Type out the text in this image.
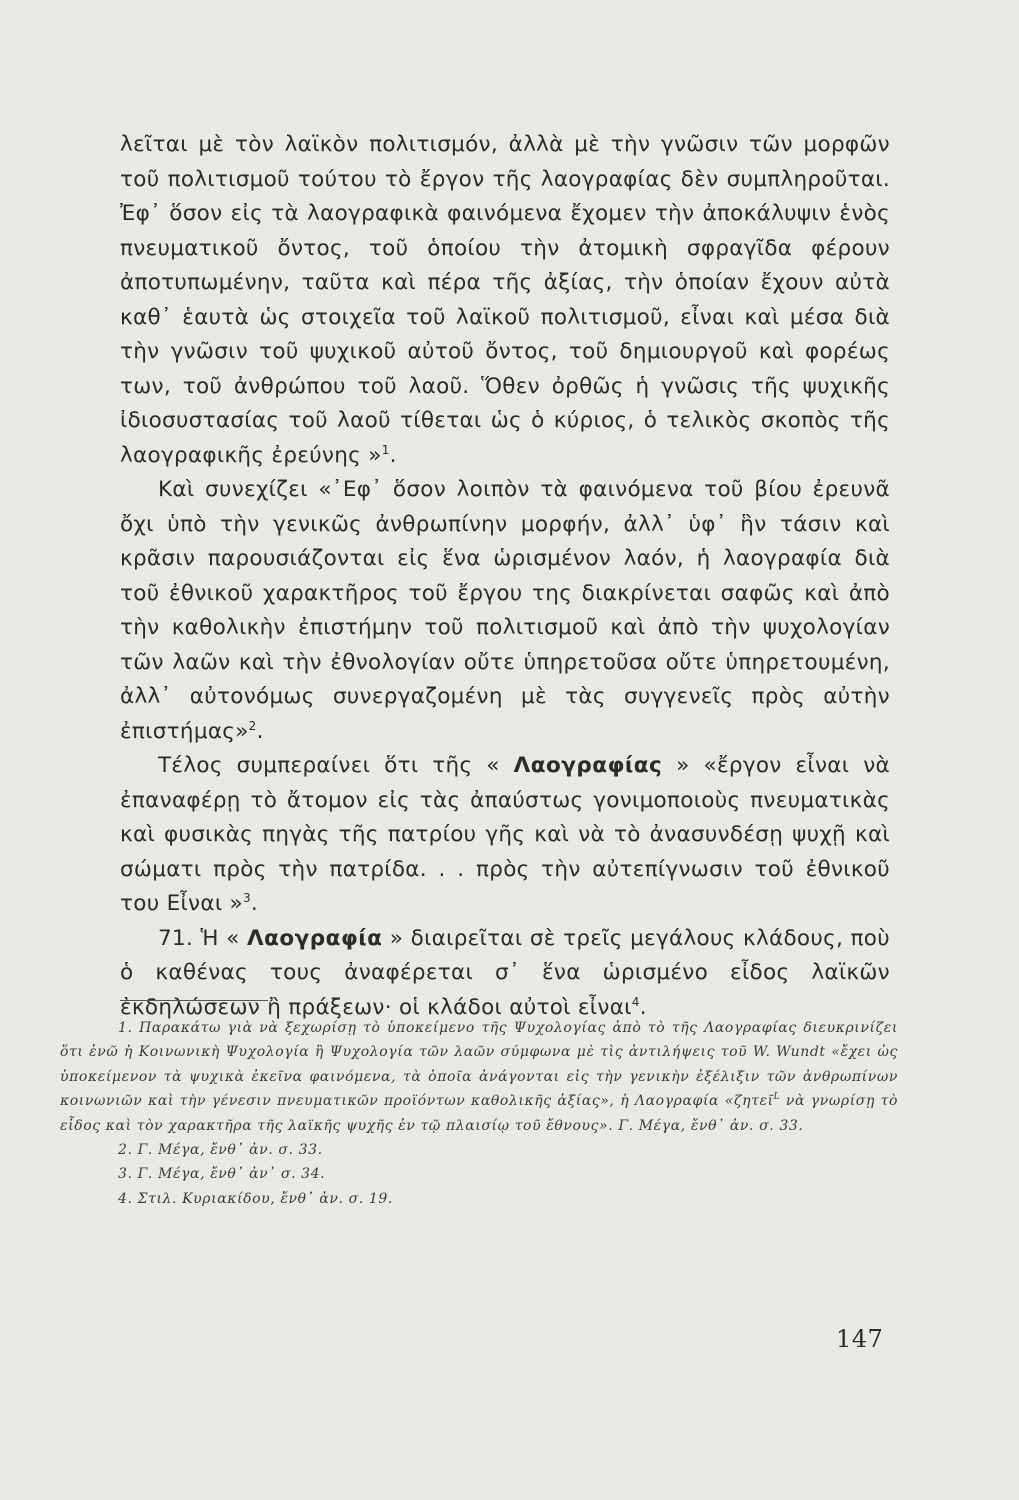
λεῖται μὲ τὸν λαϊκὸν πολιτισμόν, ἀλλὰ μὲ τὴν γνῶσιν τῶν μορφῶν τοῦ πολιτισμοῦ τούτου τὸ ἔργον τῆς λαογραφίας δὲν συμπληροῦται. Ἐφ᾽ ὅσον εἰς τὰ λαογραφικὰ φαινόμενα ἔχομεν τὴν ἀποκάλυψιν ἑνὸς πνευματικοῦ ὄντος, τοῦ ὁποίου τὴν ἀτομικὴ σφραγῖδα φέρουν ἀποτυπωμένην, ταῦτα καὶ πέρα τῆς ἀξίας, τὴν ὁποίαν ἔχουν αὐτὰ καθ᾽ ἑαυτὰ ὡς στοιχεῖα τοῦ λαϊκοῦ πολιτισμοῦ, εἶναι καὶ μέσα διὰ τὴν γνῶσιν τοῦ ψυχικοῦ αὐτοῦ ὄντος, τοῦ δημιουργοῦ καὶ φορέως των, τοῦ ἀνθρώπου τοῦ λαοῦ. Ὅθεν ὀρθῶς ἡ γνῶσις τῆς ψυχικῆς ἰδιοσυστασίας τοῦ λαοῦ τίθεται ὡς ὁ κύριος, ὁ τελικὸς σκοπὸς τῆς λαογραφικῆς ἐρεύνης »$^1$.

Καὶ συνεχίζει «᾽Εφ᾽ ὅσον λοιπὸν τὰ φαινόμενα τοῦ βίου ἐρευνᾶ ὄχι ὑπὸ τὴν γενικῶς ἀνθρωπίνην μορφήν, ἀλλ᾽ ὑφ᾽ ἣν τάσιν καὶ κρᾶσιν παρουσιάζονται εἰς ἕνα ὡρισμένον λαόν, ἡ λαογραφία διὰ τοῦ ἐθνικοῦ χαρακτῆρος τοῦ ἔργου της διακρίνεται σαφῶς καὶ ἀπὸ τὴν καθολικὴν ἐπιστήμην τοῦ πολιτισμοῦ καὶ ἀπὸ τὴν ψυχολογίαν τῶν λαῶν καὶ τὴν ἐθνολογίαν οὔτε ὑπηρετοῦσα οὔτε ὑπηρετουμένη, ἀλλ᾽ αὐτονόμως συνεργαζομένη μὲ τὰς συγγενεῖς πρὸς αὐτὴν ἐπιστήμας»$^2$.

Τέλος συμπεραίνει ὅτι τῆς « Λαογραφίας » «ἔργον εἶναι νὰ ἐπαναφέρῃ τὸ ἄτομον εἰς τὰς ἀπαύστως γονιμοποιοὺς πνευματικὰς καὶ φυσικὰς πηγὰς τῆς πατρίου γῆς καὶ νὰ τὸ ἀνασυνδέσῃ ψυχῇ καὶ σώματι πρὸς τὴν πατρίδα. . . πρὸς τὴν αὐτεπίγνωσιν τοῦ ἐθνικοῦ του Εἶναι »$^3$.

71. Ἡ « Λαογραφία » διαιρεῖται σὲ τρεῖς μεγάλους κλάδους, ποὺ ὁ καθένας τους ἀναφέρεται σ᾽ ἕνα ὡρισμένο εἶδος λαϊκῶν ἐκδηλώσεων ἢ πράξεων· οἱ κλάδοι αὐτοὶ εἶναι$^4$.

1. Παρακάτω γιὰ νὰ ξεχωρίσῃ τὸ ὑποκείμενο τῆς Ψυχολογίας ἀπὸ τὸ τῆς Λαογραφίας διευκρινίζει ὅτι ἐνῶ ἡ Κοινωνικὴ Ψυχολογία ἢ Ψυχολογία τῶν λαῶν σύμφωνα μὲ τὶς ἀντιλήψεις τοῦ W. Wundt «ἔχει ὡς ὑποκείμενον τὰ ψυχικὰ ἐκεῖνα φαινόμενα, τὰ ὁποῖα ἀνάγονται εἰς τὴν γενικὴν ἐξέλιξιν τῶν ἀνθρωπίνων κοινωνιῶν καὶ τὴν γένεσιν πνευματικῶν προϊόντων καθολικῆς ἀξίας», ἡ Λαογραφία «ζητεῖ$^L$ νὰ γνωρίσῃ τὸ εἶδος καὶ τὸν χαρακτῆρα τῆς λαϊκῆς ψυχῆς ἐν τῷ πλαισίῳ τοῦ ἔθνους». Γ. Μέγα, ἔνθ᾽ ἀν. σ. 33.

2. Γ. Μέγα, ἔνθ᾽ ἀν. σ. 33.

3. Γ. Μέγα, ἔνθ᾽ ἀν᾽ σ. 34.

4. Στιλ. Κυριακίδου, ἔνθ᾽ ἀν. σ. 19.

147
